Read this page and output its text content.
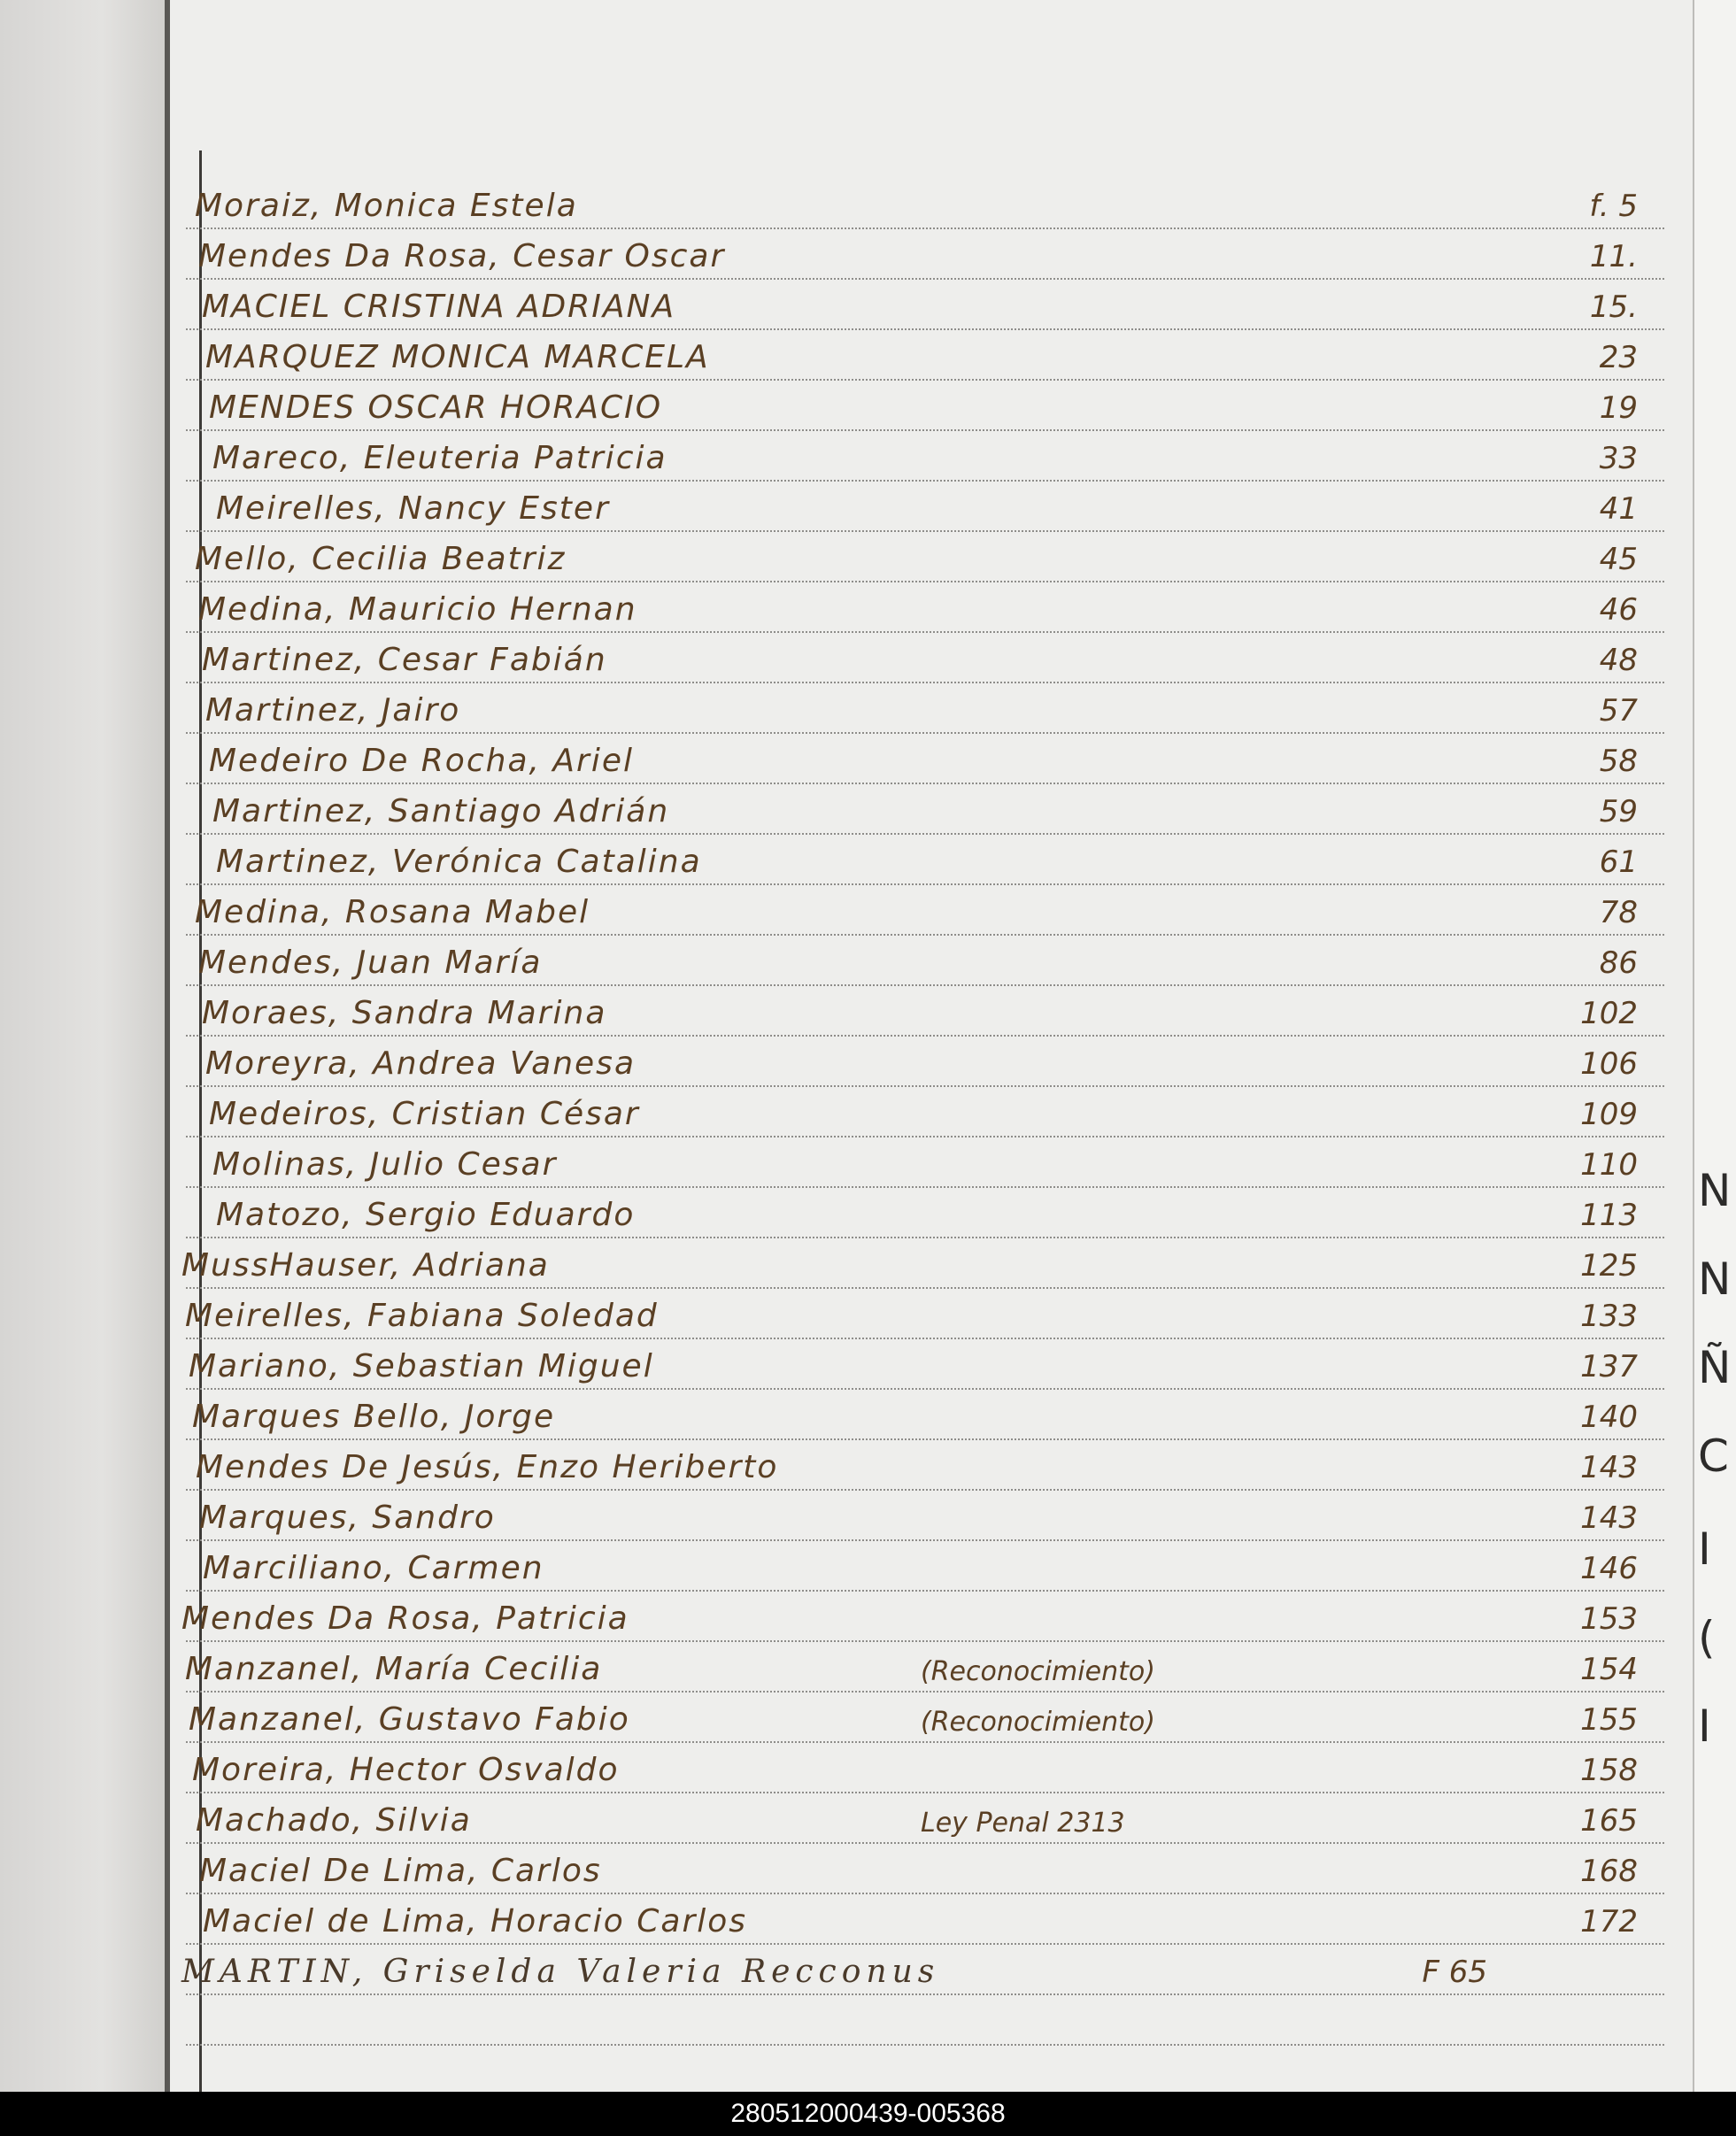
N
N
Ñ
C
I
(
I
Moraiz, Monica Estela	f. 5
Mendes Da Rosa, Cesar Oscar	11.
MACIEL CRISTINA ADRIANA	15.
MARQUEZ MONICA MARCELA	23
MENDES OSCAR HORACIO	19
Mareco, Eleuteria Patricia	33
Meirelles, Nancy Ester	41
Mello, Cecilia Beatriz	45
Medina, Mauricio Hernan	46
Martinez, Cesar Fabián	48
Martinez, Jairo	57
Medeiro De Rocha, Ariel	58
Martinez, Santiago Adrián	59
Martinez, Verónica Catalina	61
Medina, Rosana Mabel	78
Mendes, Juan María	86
Moraes, Sandra Marina	102
Moreyra, Andrea Vanesa	106
Medeiros, Cristian César	109
Molinas, Julio Cesar	110
Matozo, Sergio Eduardo	113
MussHauser, Adriana	125
Meirelles, Fabiana Soledad	133
Mariano, Sebastian Miguel	137
Marques Bello, Jorge	140
Mendes De Jesús, Enzo Heriberto	143
Marques, Sandro	143
Marciliano, Carmen	146
Mendes Da Rosa, Patricia	153
Manzanel, María Cecilia	(Reconocimiento)	154
Manzanel, Gustavo Fabio	(Reconocimiento)	155
Moreira, Hector Osvaldo	158
Machado, Silvia	Ley Penal 2313	165
Maciel De Lima, Carlos	168
Maciel de Lima, Horacio Carlos	172
MARTIN, Griselda Valeria Recconus	F 65
280512000439-005368
